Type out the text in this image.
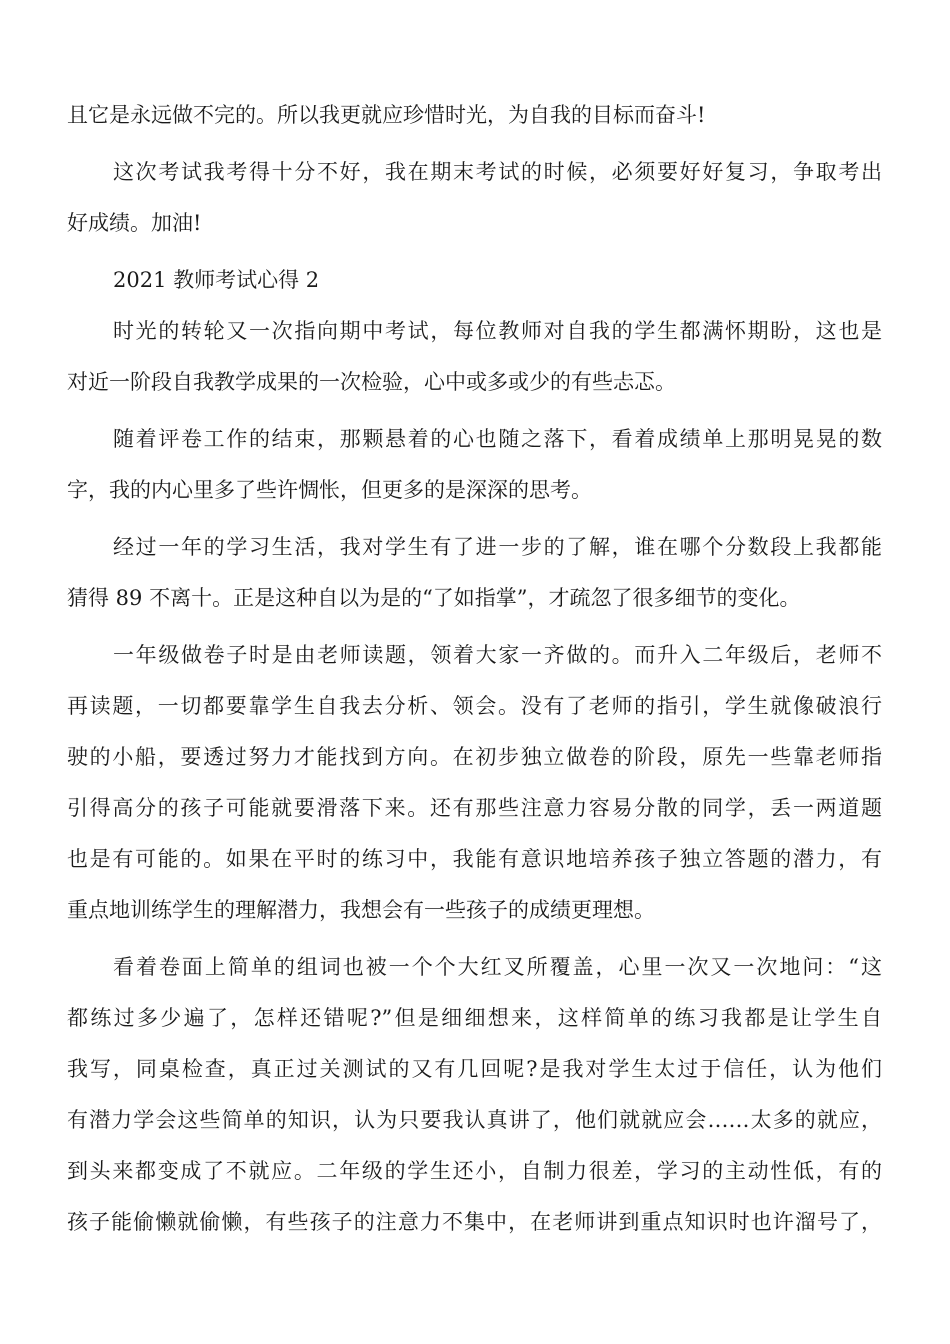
且它是永远做不完的。所以我更就应珍惜时光，为自我的目标而奋斗!
这次考试我考得十分不好，我在期末考试的时候，必须要好好复习，争取考出
好成绩。加油!
2021 教师考试心得 2
时光的转轮又一次指向期中考试，每位教师对自我的学生都满怀期盼，这也是
对近一阶段自我教学成果的一次检验，心中或多或少的有些忐忑。
随着评卷工作的结束，那颗悬着的心也随之落下，看着成绩单上那明晃晃的数
字，我的内心里多了些许惆怅，但更多的是深深的思考。
经过一年的学习生活，我对学生有了进一步的了解，谁在哪个分数段上我都能
猜得 89 不离十。正是这种自以为是的“了如指掌”，才疏忽了很多细节的变化。
一年级做卷子时是由老师读题，领着大家一齐做的。而升入二年级后，老师不
再读题，一切都要靠学生自我去分析、领会。没有了老师的指引，学生就像破浪行
驶的小船，要透过努力才能找到方向。在初步独立做卷的阶段，原先一些靠老师指
引得高分的孩子可能就要滑落下来。还有那些注意力容易分散的同学，丢一两道题
也是有可能的。如果在平时的练习中，我能有意识地培养孩子独立答题的潜力，有
重点地训练学生的理解潜力，我想会有一些孩子的成绩更理想。
看着卷面上简单的组词也被一个个大红叉所覆盖，心里一次又一次地问：“这
都练过多少遍了，怎样还错呢?”但是细细想来，这样简单的练习我都是让学生自
我写，同桌检查，真正过关测试的又有几回呢?是我对学生太过于信任，认为他们
有潜力学会这些简单的知识，认为只要我认真讲了，他们就就应会……太多的就应，
到头来都变成了不就应。二年级的学生还小，自制力很差，学习的主动性低，有的
孩子能偷懒就偷懒，有些孩子的注意力不集中，在老师讲到重点知识时也许溜号了，
